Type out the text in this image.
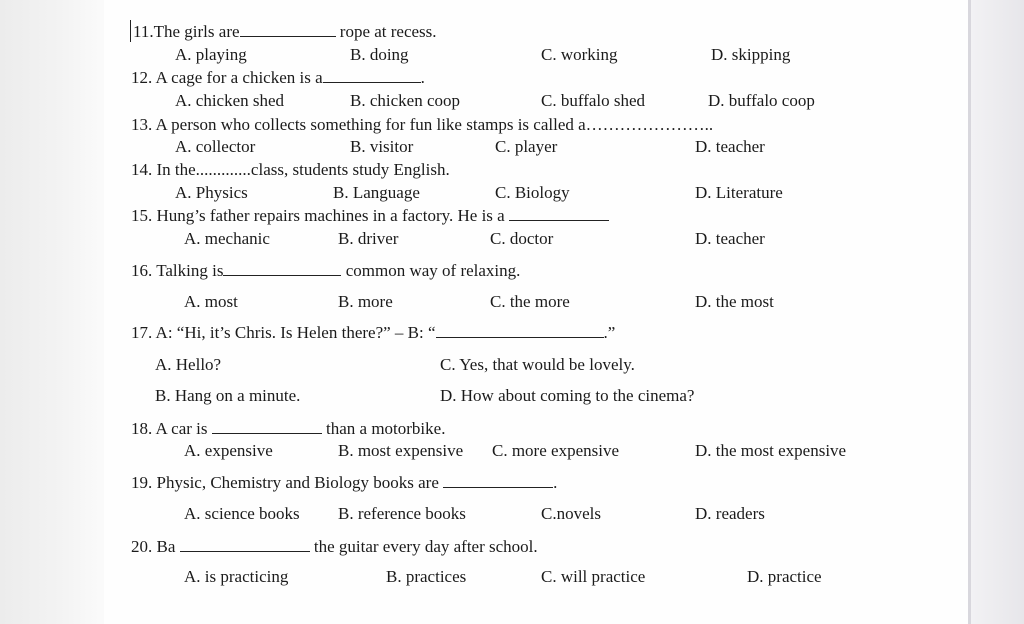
11.The girls are	rope at recess.
A. playing	B. doing	C. working	D. skipping
12. A cage for a chicken is a	.
A. chicken shed	B. chicken coop	C. buffalo shed	D. buffalo coop
13. A person who collects something for fun like stamps is called a…………………..
A. collector	B. visitor	C. player	D. teacher
14. In the.............class, students study English.
A. Physics	B. Language	C. Biology	D. Literature
15. Hung’s father repairs machines in a factory. He is a
A. mechanic	B. driver	C. doctor	D. teacher
16. Talking is	common way of relaxing.
A. most	B. more	C. the more	D. the most
17. A: “Hi, it’s Chris. Is Helen there?” – B: “	.”
A. Hello?	C. Yes, that would be lovely.
B. Hang on a minute.	D. How about coming to the cinema?
18. A car is	than a motorbike.
A. expensive	B. most expensive C. more expensive	D. the most expensive
19. Physic, Chemistry and Biology books are	.
A. science books B. reference books	C.novels	D. readers
20. Ba	the guitar every day after school.
A. is practicing	B. practices	C. will practice	D. practice
